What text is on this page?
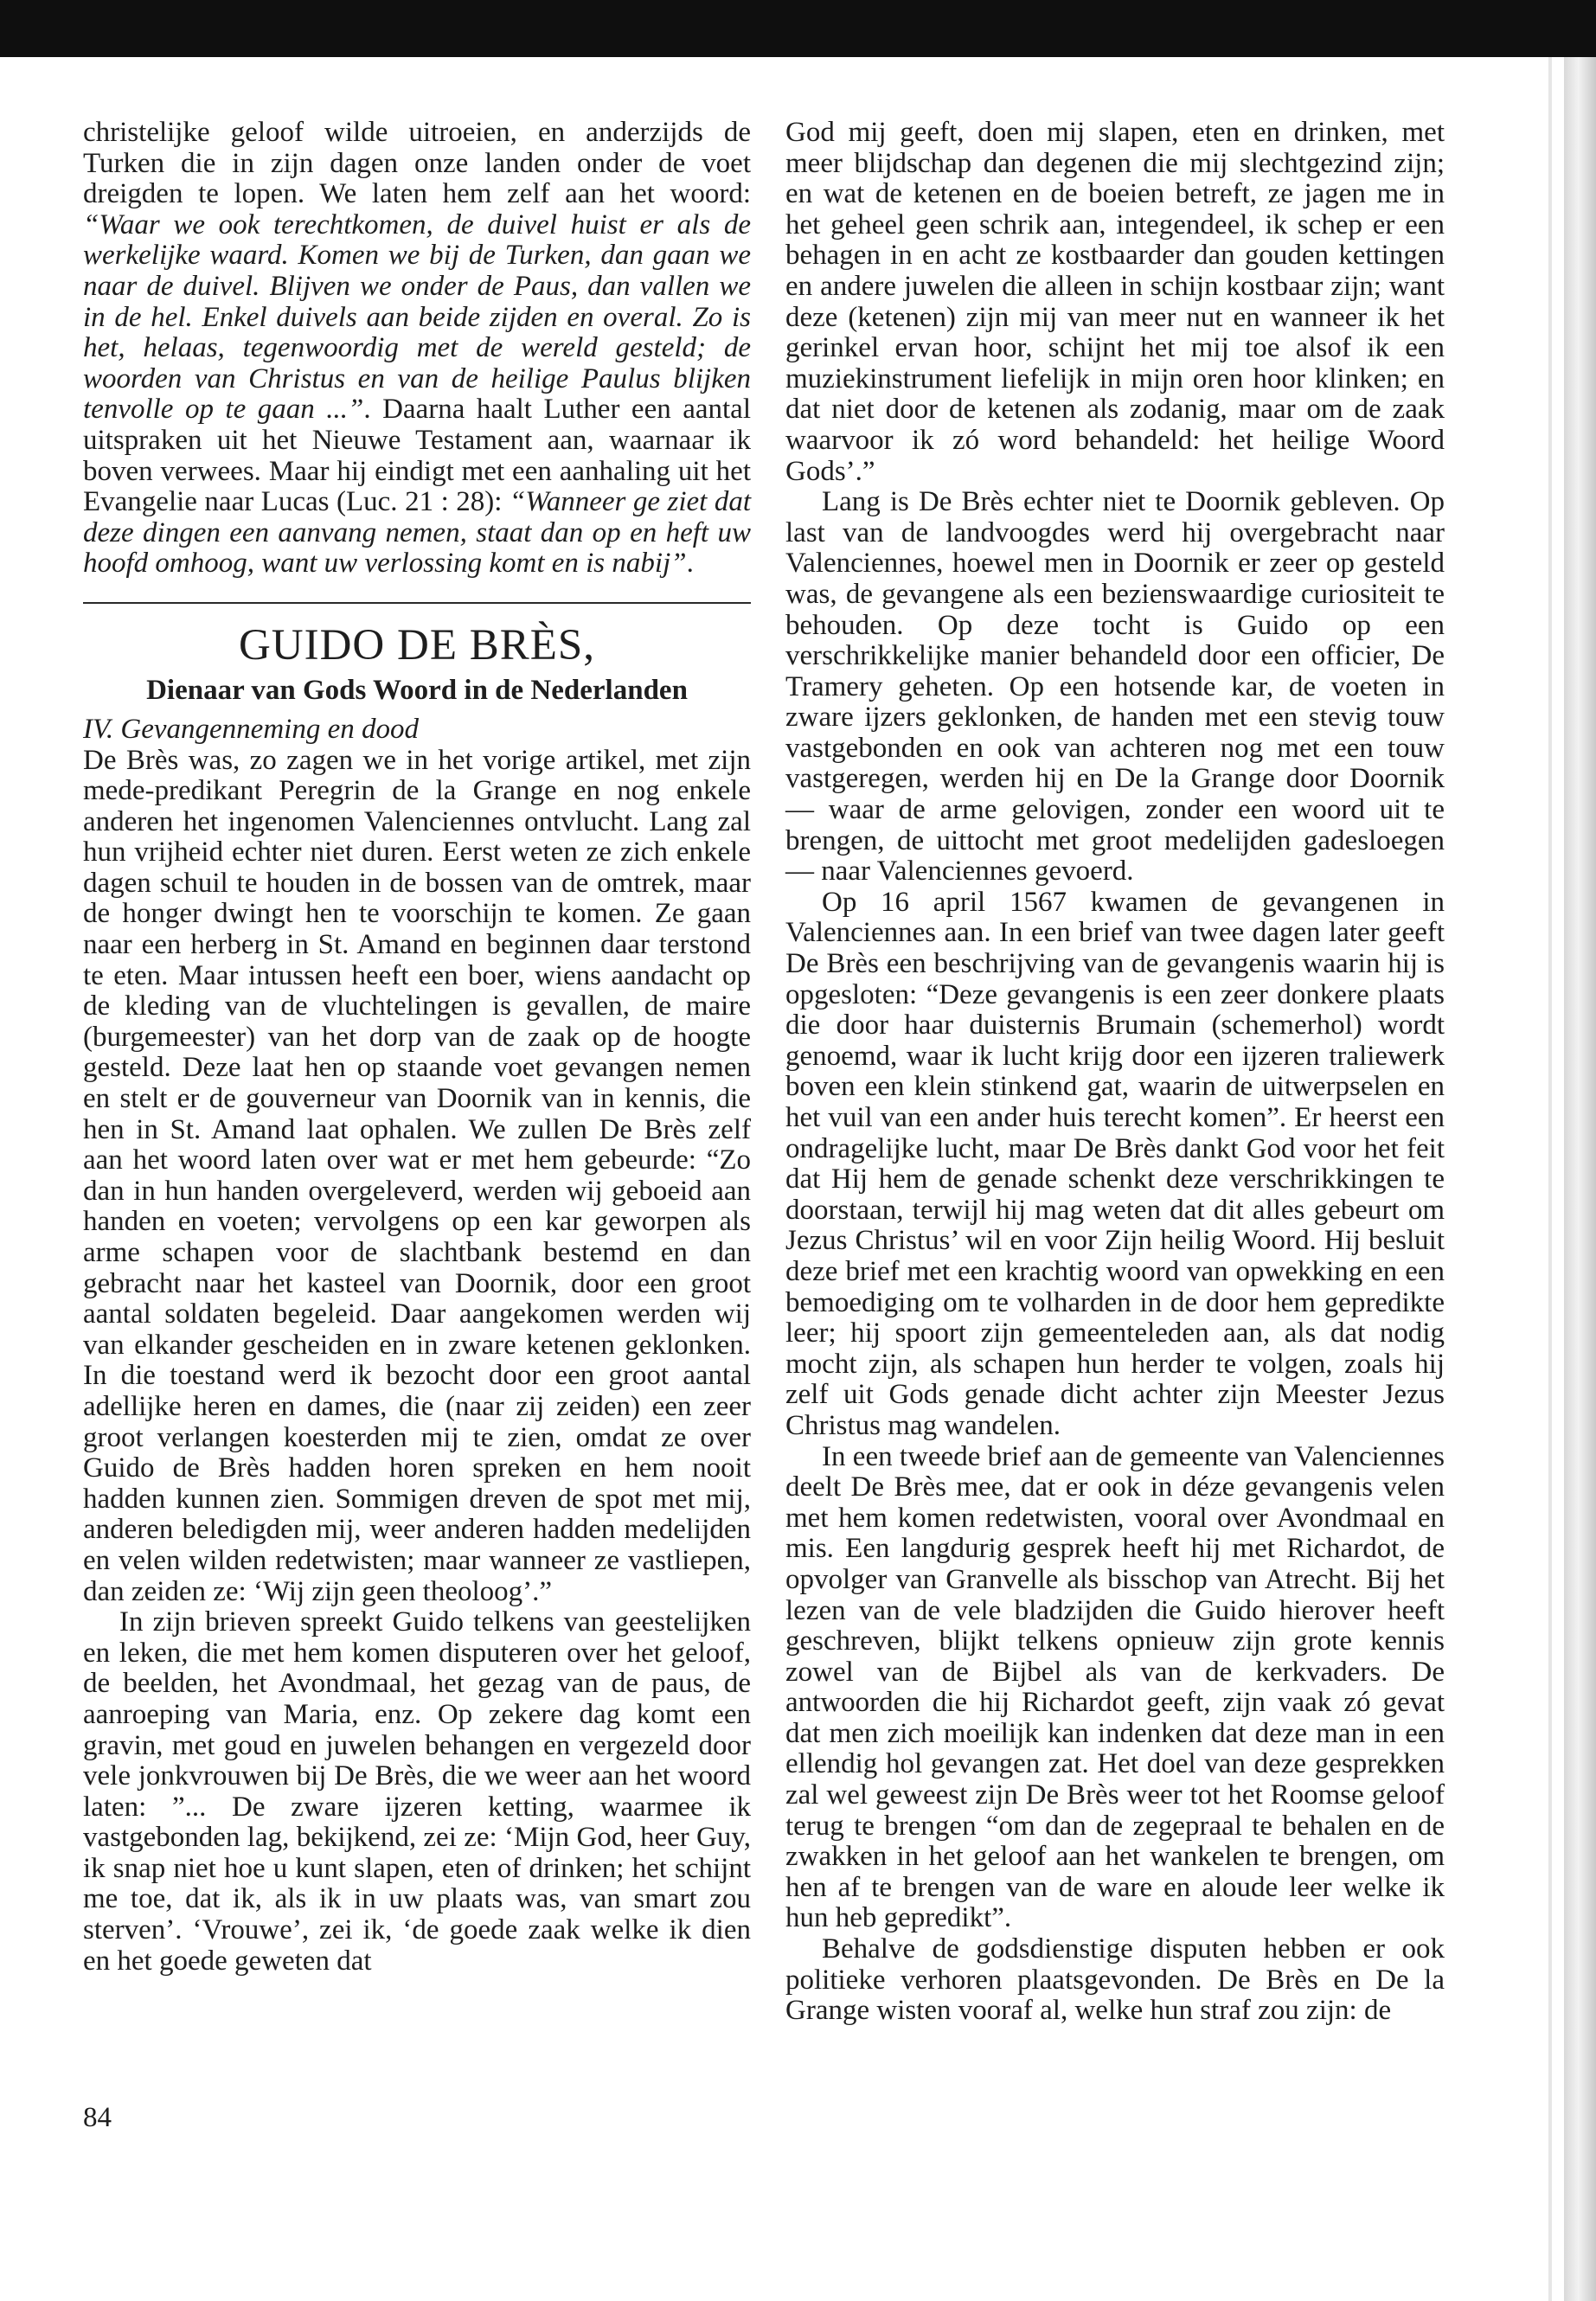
christelijke geloof wilde uitroeien, en anderzijds de Turken die in zijn dagen onze landen onder de voet dreigden te lopen. We laten hem zelf aan het woord: “Waar we ook terechtkomen, de duivel huist er als de werkelijke waard. Komen we bij de Turken, dan gaan we naar de duivel. Blijven we onder de Paus, dan vallen we in de hel. Enkel duivels aan beide zijden en overal. Zo is het, helaas, tegenwoordig met de wereld gesteld; de woorden van Christus en van de heilige Paulus blijken tenvolle op te gaan ...”. Daarna haalt Luther een aantal uitspraken uit het Nieuwe Testament aan, waarnaar ik boven verwees. Maar hij eindigt met een aanhaling uit het Evangelie naar Lucas (Luc. 21 : 28): “Wanneer ge ziet dat deze dingen een aanvang nemen, staat dan op en heft uw hoofd omhoog, want uw verlossing komt en is nabij”.

GUIDO DE BRÈS,
Dienaar van Gods Woord in de Nederlanden

IV. Gevangenneming en dood

De Brès was, zo zagen we in het vorige artikel, met zijn mede-predikant Peregrin de la Grange en nog enkele anderen het ingenomen Valenciennes ontvlucht. Lang zal hun vrijheid echter niet duren. Eerst weten ze zich enkele dagen schuil te houden in de bossen van de omtrek, maar de honger dwingt hen te voorschijn te komen. Ze gaan naar een herberg in St. Amand en beginnen daar terstond te eten. Maar intussen heeft een boer, wiens aandacht op de kleding van de vluchtelingen is gevallen, de maire (burgemeester) van het dorp van de zaak op de hoogte gesteld. Deze laat hen op staande voet gevangen nemen en stelt er de gouverneur van Doornik van in kennis, die hen in St. Amand laat ophalen. We zullen De Brès zelf aan het woord laten over wat er met hem gebeurde: “Zo dan in hun handen overgeleverd, werden wij geboeid aan handen en voeten; vervolgens op een kar geworpen als arme schapen voor de slachtbank bestemd en dan gebracht naar het kasteel van Doornik, door een groot aantal soldaten begeleid. Daar aangekomen werden wij van elkander gescheiden en in zware ketenen geklonken. In die toestand werd ik bezocht door een groot aantal adellijke heren en dames, die (naar zij zeiden) een zeer groot verlangen koesterden mij te zien, omdat ze over Guido de Brès hadden horen spreken en hem nooit hadden kunnen zien. Sommigen dreven de spot met mij, anderen beledigden mij, weer anderen hadden medelijden en velen wilden redetwisten; maar wanneer ze vastliepen, dan zeiden ze: ‘Wij zijn geen theoloog’.”

In zijn brieven spreekt Guido telkens van geestelijken en leken, die met hem komen disputeren over het geloof, de beelden, het Avondmaal, het gezag van de paus, de aanroeping van Maria, enz. Op zekere dag komt een gravin, met goud en juwelen behangen en vergezeld door vele jonkvrouwen bij De Brès, die we weer aan het woord laten: ”... De zware ijzeren ketting, waarmee ik vastgebonden lag, bekijkend, zei ze: ‘Mijn God, heer Guy, ik snap niet hoe u kunt slapen, eten of drinken; het schijnt me toe, dat ik, als ik in uw plaats was, van smart zou sterven’. ‘Vrouwe’, zei ik, ‘de goede zaak welke ik dien en het goede geweten dat

God mij geeft, doen mij slapen, eten en drinken, met meer blijdschap dan degenen die mij slechtgezind zijn; en wat de ketenen en de boeien betreft, ze jagen me in het geheel geen schrik aan, integendeel, ik schep er een behagen in en acht ze kostbaarder dan gouden kettingen en andere juwelen die alleen in schijn kostbaar zijn; want deze (ketenen) zijn mij van meer nut en wanneer ik het gerinkel ervan hoor, schijnt het mij toe alsof ik een muziekinstrument liefelijk in mijn oren hoor klinken; en dat niet door de ketenen als zodanig, maar om de zaak waarvoor ik zó word behandeld: het heilige Woord Gods’.”

Lang is De Brès echter niet te Doornik gebleven. Op last van de landvoogdes werd hij overgebracht naar Valenciennes, hoewel men in Doornik er zeer op gesteld was, de gevangene als een bezienswaardige curiositeit te behouden. Op deze tocht is Guido op een verschrikkelijke manier behandeld door een officier, De Tramery geheten. Op een hotsende kar, de voeten in zware ijzers geklonken, de handen met een stevig touw vastgebonden en ook van achteren nog met een touw vastgeregen, werden hij en De la Grange door Doornik — waar de arme gelovigen, zonder een woord uit te brengen, de uittocht met groot medelijden gadesloegen — naar Valenciennes gevoerd.

Op 16 april 1567 kwamen de gevangenen in Valenciennes aan. In een brief van twee dagen later geeft De Brès een beschrijving van de gevangenis waarin hij is opgesloten: “Deze gevangenis is een zeer donkere plaats die door haar duisternis Brumain (schemerhol) wordt genoemd, waar ik lucht krijg door een ijzeren traliewerk boven een klein stinkend gat, waarin de uitwerpselen en het vuil van een ander huis terecht komen”. Er heerst een ondragelijke lucht, maar De Brès dankt God voor het feit dat Hij hem de genade schenkt deze verschrikkingen te doorstaan, terwijl hij mag weten dat dit alles gebeurt om Jezus Christus’ wil en voor Zijn heilig Woord. Hij besluit deze brief met een krachtig woord van opwekking en een bemoediging om te volharden in de door hem gepredikte leer; hij spoort zijn gemeenteleden aan, als dat nodig mocht zijn, als schapen hun herder te volgen, zoals hij zelf uit Gods genade dicht achter zijn Meester Jezus Christus mag wandelen.

In een tweede brief aan de gemeente van Valenciennes deelt De Brès mee, dat er ook in déze gevangenis velen met hem komen redetwisten, vooral over Avondmaal en mis. Een langdurig gesprek heeft hij met Richardot, de opvolger van Granvelle als bisschop van Atrecht. Bij het lezen van de vele bladzijden die Guido hierover heeft geschreven, blijkt telkens opnieuw zijn grote kennis zowel van de Bijbel als van de kerkvaders. De antwoorden die hij Richardot geeft, zijn vaak zó gevat dat men zich moeilijk kan indenken dat deze man in een ellendig hol gevangen zat. Het doel van deze gesprekken zal wel geweest zijn De Brès weer tot het Roomse geloof terug te brengen “om dan de zegepraal te behalen en de zwakken in het geloof aan het wankelen te brengen, om hen af te brengen van de ware en aloude leer welke ik hun heb gepredikt”.

Behalve de godsdienstige disputen hebben er ook politieke verhoren plaatsgevonden. De Brès en De la Grange wisten vooraf al, welke hun straf zou zijn: de

84
